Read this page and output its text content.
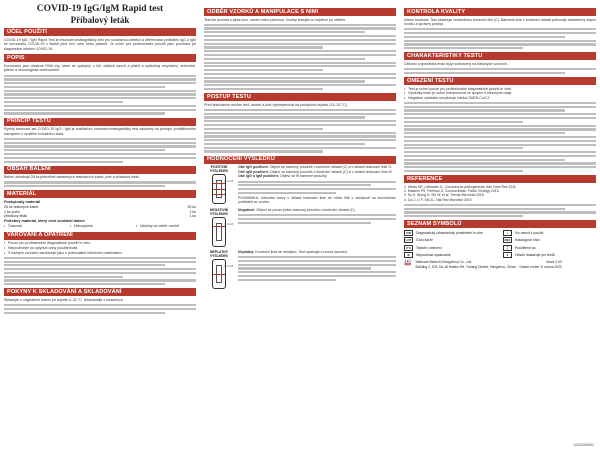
COVID-19 IgG/IgM Rapid test
Příbalový leták
ÚČEL POUŽITÍ
COVID-19 IgG / IgM Rapid Test je imunochromatografický test pro současnou detekci a diferenciaci protilátek IgG a IgM ke koronaviru COVID-19 v lidské plné krvi, séru nebo plazmě. Je určen pro profesionální použití jako pomůcka při diagnostice infekce COVID-19.
POPIS
Koronaviry jsou obalené RNA viry, které se vyskytují u lidí, dalších savců a ptáků a způsobují respirační, enterické, jaterní a neurologická onemocnění.
PRINCIP TESTU
Rychlý testovací set COVID-19 IgG / IgM je kvalitativní imunochromatografický test založený na principu protilátkového zachycení s využitím koloidního zlata.
OBSAH BALENÍ
Balení obsahuje 25 ks jednotlivě zabalených testovacích kazet, pufr a příbalový leták.
MATERIÁL
Poskytnutý materiál
25 ks testových kazet	25 ks
1 ks pufru	1 ks
příbalový leták	1 ks
Potřebný materiál, který není součástí balení
• Časovač	• Mikropipeta	• Nádoby na odběr vzorků
VAROVÁNÍ A OPATŘENÍ
• Pouze pro profesionální diagnostické použití in vitro.
• Nepoužívejte po uplynutí doby použitelnosti.
• S každým vzorkem zacházejte jako s potenciálně infekčním materiálem.
POKYNY K SKLADOVÁNÍ A SKLADOVÁNÍ
Skladujte v originálním balení při teplotě 2–30 °C. Neskladujte v mrazničce.
ODBĚR VZORKŮ A MANIPULACE S NIMI
Test lze provést s plnou krví, sérem nebo plazmou. Vzorky testujte co nejdříve po odběru.
POSTUP TESTU
Před testováním nechte test, vzorek a pufr vytemperovat na pokojovou teplotu (15–30 °C).
HODNOCENÍ VÝSLEDKŮ
POZITIVNÍ VÝSLEDEK
C G M
Obě IgG pozitivní: Objeví se barevný proužek v kontrolní oblasti (C) a v oblasti testovací linie G.
Obě IgM pozitivní: Objeví se barevný proužek v kontrolní oblasti (C) a v oblasti testovací linie M.
Obě IgG a IgM pozitivní: Objeví se tři barevné proužky.
POZNÁMKA: Intenzita barvy v oblasti testovací linie se může lišit v závislosti na koncentraci protilátek ve vzorku.
NEGATIVNÍ VÝSLEDEK
C G M
Negativní: Objeví se pouze jeden barevný proužek v kontrolní oblasti (C).
NEPLATNÝ VÝSLEDEK
C G M
Neplatný: Kontrolní linie se neobjeví. Test opakujte s novou kazetou.
KONTROLA KVALITY
Interní kontrola: Test obsahuje vestavěnou kontrolní linii (C). Barevná linie v kontrolní oblasti potvrzuje dostatečný objem vzorku a správný postup.
CHARAKTERISTIKY TESTU
Citlivost a specificita testu byly hodnoceny na klinických vzorcích.
OMEZENÍ TESTU
• Test je určen pouze pro profesionální diagnostické použití in vitro.
• Výsledky testu je nutné interpretovat ve spojení s klinickými údaji.
• Negativní výsledek nevylučuje infekci SARS-CoV-2.
REFERENCE
1. Weiss SR, Leibowitz JL. Coronavirus pathogenesis. Adv Virus Res 2011.
2. Masters PS, Perlman S. Coronaviridae. Fields Virology 2013.
3. Su S, Wong G, Shi W, et al. Trends Microbiol 2016.
4. Cui J, Li F, Shi ZL. Nat Rev Microbiol 2019.
SEZNAM SYMBOLŮ
IVD	Diagnostický zdravotnický prostředek in vitro	i	Viz návod k použití
LOT	Číslo šarže	REF	Katalogové číslo
2°C	Teplotní omezení	⌛	Použitelné do
⊘	Nepoužívat opakovaně	Σ	Obsah dostačuje pro testů
🏭 Safecare Biotech (Hangzhou) Co., Ltd.
Building 2, 203, No.18 Haishu Rd, Yuhang District, Hangzhou, China
Verze 1.03
Datum revize: 8. dubna 2020
1/V01000001
